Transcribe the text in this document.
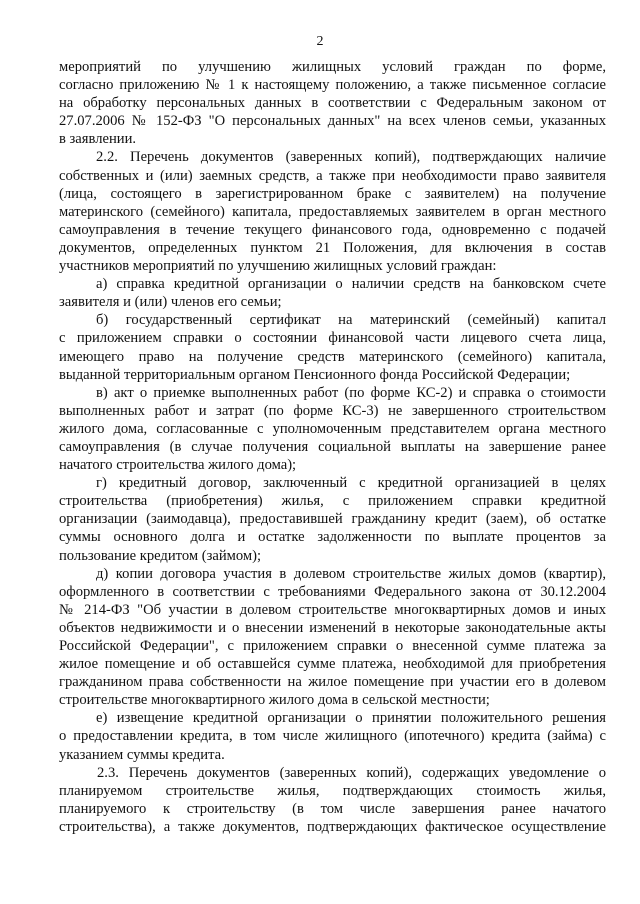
2

мероприятий по улучшению жилищных условий граждан по форме,

согласно приложению № 1 к настоящему положению, а также письменное согласие

на обработку персональных данных в соответствии с Федеральным законом от

27.07.2006 № 152-ФЗ "О персональных данных" на всех членов семьи, указанных

в заявлении.

2.2. Перечень документов (заверенных копий), подтверждающих наличие

собственных и (или) заемных средств, а также при необходимости право заявителя

(лица, состоящего в зарегистрированном браке с заявителем) на получение

материнского (семейного) капитала, предоставляемых заявителем в орган местного

самоуправления в течение текущего финансового года, одновременно с подачей

документов, определенных пунктом 21 Положения, для включения в состав

участников мероприятий по улучшению жилищных условий граждан:

а) справка кредитной организации о наличии средств на банковском счете

заявителя и (или) членов его семьи;

б) государственный сертификат на материнский (семейный) капитал

с приложением справки о состоянии финансовой части лицевого счета лица,

имеющего право на получение средств материнского (семейного) капитала,

выданной территориальным органом Пенсионного фонда Российской Федерации;

в) акт о приемке выполненных работ (по форме КС-2) и справка о стоимости

выполненных работ и затрат (по форме КС-3) не завершенного строительством

жилого дома, согласованные с уполномоченным представителем органа местного

самоуправления (в случае получения социальной выплаты на завершение ранее

начатого строительства жилого дома);

г) кредитный договор, заключенный с кредитной организацией в целях

строительства (приобретения) жилья, с приложением справки кредитной

организации (заимодавца), предоставившей гражданину кредит (заем), об остатке

суммы основного долга и остатке задолженности по выплате процентов за

пользование кредитом (займом);

д) копии договора участия в долевом строительстве жилых домов (квартир),

оформленного в соответствии с требованиями Федерального закона от 30.12.2004

№ 214-ФЗ "Об участии в долевом строительстве многоквартирных домов и иных

объектов недвижимости и о внесении изменений в некоторые законодательные акты

Российской Федерации", с приложением справки о внесенной сумме платежа за

жилое помещение и об оставшейся сумме платежа, необходимой для приобретения

гражданином права собственности на жилое помещение при участии его в долевом

строительстве многоквартирного жилого дома в сельской местности;

е) извещение кредитной организации о принятии положительного решения

о предоставлении кредита, в том числе жилищного (ипотечного) кредита (займа) с

указанием суммы кредита.

2.3. Перечень документов (заверенных копий), содержащих уведомление о

планируемом строительстве жилья, подтверждающих стоимость жилья,

планируемого к строительству (в том числе завершения ранее начатого

строительства), а также документов, подтверждающих фактическое осуществление
